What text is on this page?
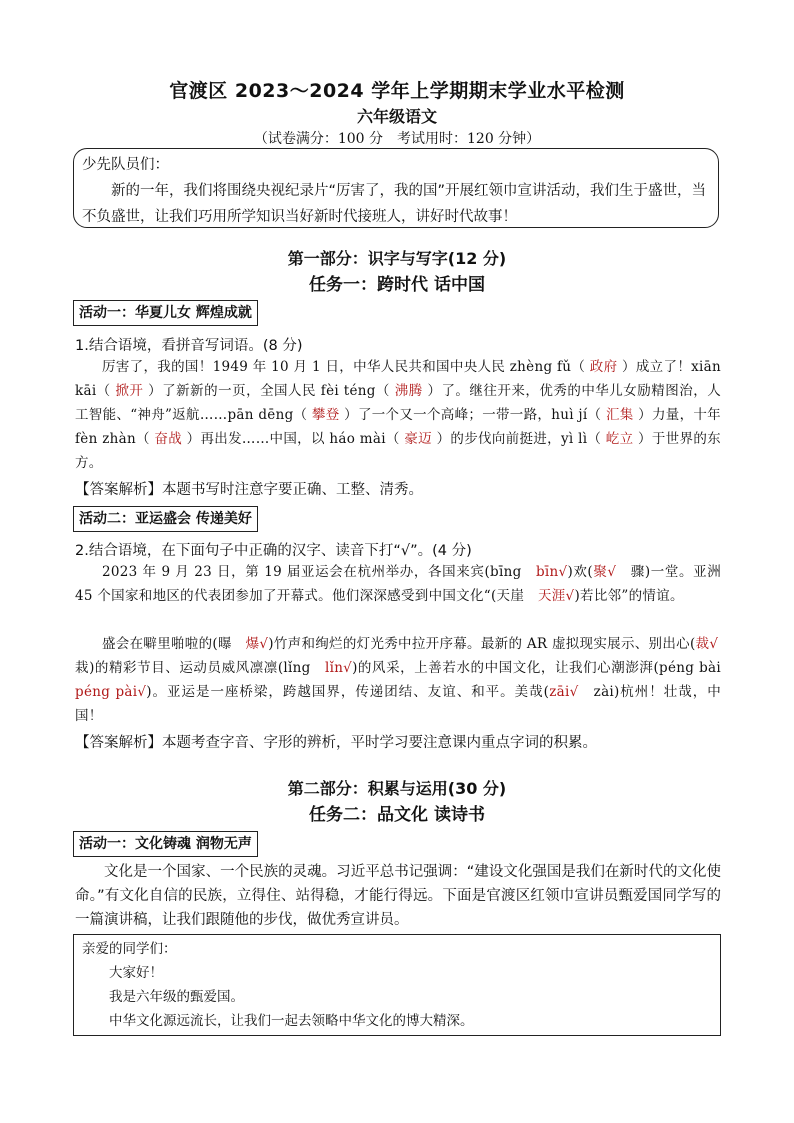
官渡区 2023～2024 学年上学期期末学业水平检测
六年级语文
（试卷满分：100 分　考试用时：120 分钟）

少先队员们：

新的一年，我们将围绕央视纪录片“厉害了，我的国”开展红领巾宣讲活动，我们生于盛世，当不负盛世，让我们巧用所学知识当好新时代接班人，讲好时代故事！

第一部分：识字与写字(12 分)
任务一：跨时代 话中国
活动一：华夏儿女 辉煌成就
1.结合语境，看拼音写词语。(8 分)

厉害了，我的国！1949 年 10 月 1 日，中华人民共和国中央人民 zhèng fǔ（ 政府 ）成立了！xiān kāi（ 掀开 ）了新新的一页，全国人民 fèi téng（ 沸腾 ）了。继往开来，优秀的中华儿女励精图治，人工智能、“神舟”返航……pān dēng（ 攀登 ）了一个又一个高峰；一带一路，huì jí（ 汇集 ）力量，十年 fèn zhàn（ 奋战 ）再出发……中国，以 háo mài（ 豪迈 ）的步伐向前挺进，yì lì（ 屹立 ）于世界的东方。

【答案解析】本题书写时注意字要正确、工整、清秀。
活动二：亚运盛会 传递美好
2.结合语境，在下面句子中正确的汉字、读音下打“√”。(4 分)

2023 年 9 月 23 日，第 19 届亚运会在杭州举办，各国来宾(bīng　bīn√)欢(聚√　骤)一堂。亚洲 45 个国家和地区的代表团参加了开幕式。他们深深感受到中国文化“(天崖　天涯√)若比邻”的情谊。

盛会在噼里啪啦的(曝　爆√)竹声和绚烂的灯光秀中拉开序幕。最新的 AR 虚拟现实展示、别出心(裁√　栽)的精彩节目、运动员威风凛凛(lǐng　lǐn√)的风采，上善若水的中国文化，让我们心潮澎湃(péng bài　péng pài√)。亚运是一座桥梁，跨越国界，传递团结、友谊、和平。美哉(zāi√　zài)杭州！壮哉，中国！

【答案解析】本题考查字音、字形的辨析，平时学习要注意课内重点字词的积累。
第二部分：积累与运用(30 分)
任务二：品文化 读诗书
活动一：文化铸魂 润物无声

文化是一个国家、一个民族的灵魂。习近平总书记强调：“建设文化强国是我们在新时代的文化使命。”有文化自信的民族，立得住、站得稳，才能行得远。下面是官渡区红领巾宣讲员甄爱国同学写的一篇演讲稿，让我们跟随他的步伐，做优秀宣讲员。

亲爱的同学们：

大家好！

我是六年级的甄爱国。

中华文化源远流长，让我们一起去领略中华文化的博大精深。
